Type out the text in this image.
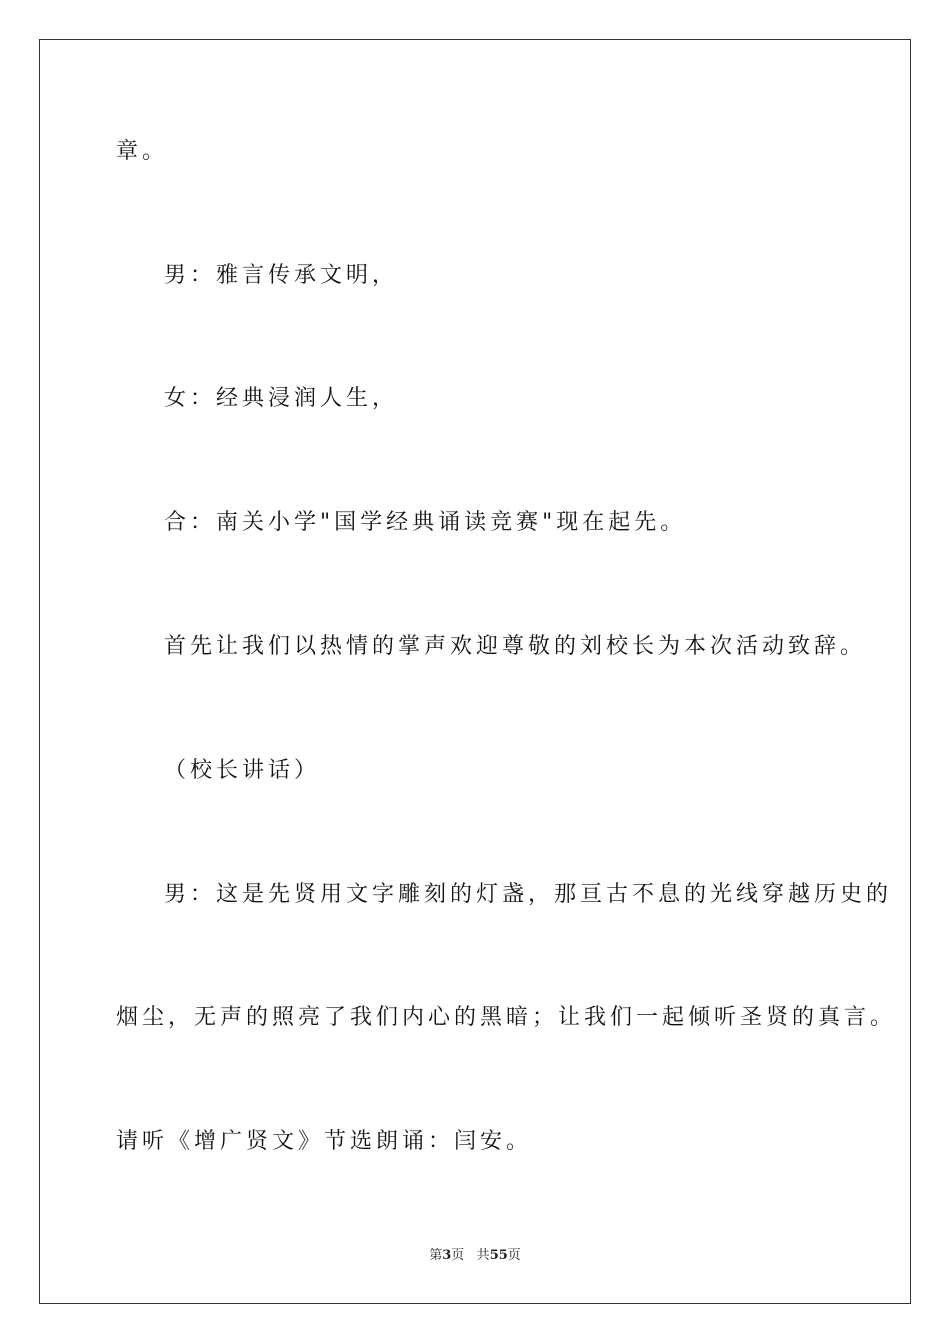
章。
男：雅言传承文明，
女：经典浸润人生，
合：南关小学"国学经典诵读竞赛"现在起先。
首先让我们以热情的掌声欢迎尊敬的刘校长为本次活动致辞。
（校长讲话）
男：这是先贤用文字雕刻的灯盏，那亘古不息的光线穿越历史的
烟尘，无声的照亮了我们内心的黑暗；让我们一起倾听圣贤的真言。
请听《增广贤文》节选朗诵：闫安。
第3页 共55页
